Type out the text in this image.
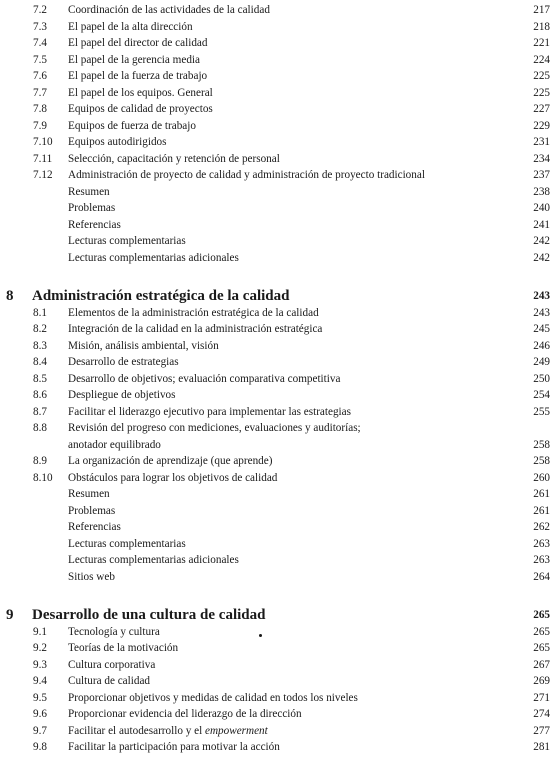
7.2 Coordinación de las actividades de la calidad	217
7.3 El papel de la alta dirección	218
7.4 El papel del director de calidad	221
7.5 El papel de la gerencia media	224
7.6 El papel de la fuerza de trabajo	225
7.7 El papel de los equipos. General	225
7.8 Equipos de calidad de proyectos	227
7.9 Equipos de fuerza de trabajo	229
7.10 Equipos autodirigidos	231
7.11 Selección, capacitación y retención de personal	234
7.12 Administración de proyecto de calidad y administración de proyecto tradicional	237
Resumen	238
Problemas	240
Referencias	241
Lecturas complementarias	242
Lecturas complementarias adicionales	242
8 Administración estratégica de la calidad	243
8.1 Elementos de la administración estratégica de la calidad	243
8.2 Integración de la calidad en la administración estratégica	245
8.3 Misión, análisis ambiental, visión	246
8.4 Desarrollo de estrategias	249
8.5 Desarrollo de objetivos; evaluación comparativa competitiva	250
8.6 Despliegue de objetivos	254
8.7 Facilitar el liderazgo ejecutivo para implementar las estrategias	255
8.8 Revisión del progreso con mediciones, evaluaciones y auditorías;
anotador equilibrado	258
8.9 La organización de aprendizaje (que aprende)	258
8.10 Obstáculos para lograr los objetivos de calidad	260
Resumen	261
Problemas	261
Referencias	262
Lecturas complementarias	263
Lecturas complementarias adicionales	263
Sitios web	264
9 Desarrollo de una cultura de calidad	265
9.1 Tecnología y cultura	265
9.2 Teorías de la motivación	265
9.3 Cultura corporativa	267
9.4 Cultura de calidad	269
9.5 Proporcionar objetivos y medidas de calidad en todos los niveles	271
9.6 Proporcionar evidencia del liderazgo de la dirección	274
9.7 Facilitar el autodesarrollo y el empowerment	277
9.8 Facilitar la participación para motivar la acción	281
